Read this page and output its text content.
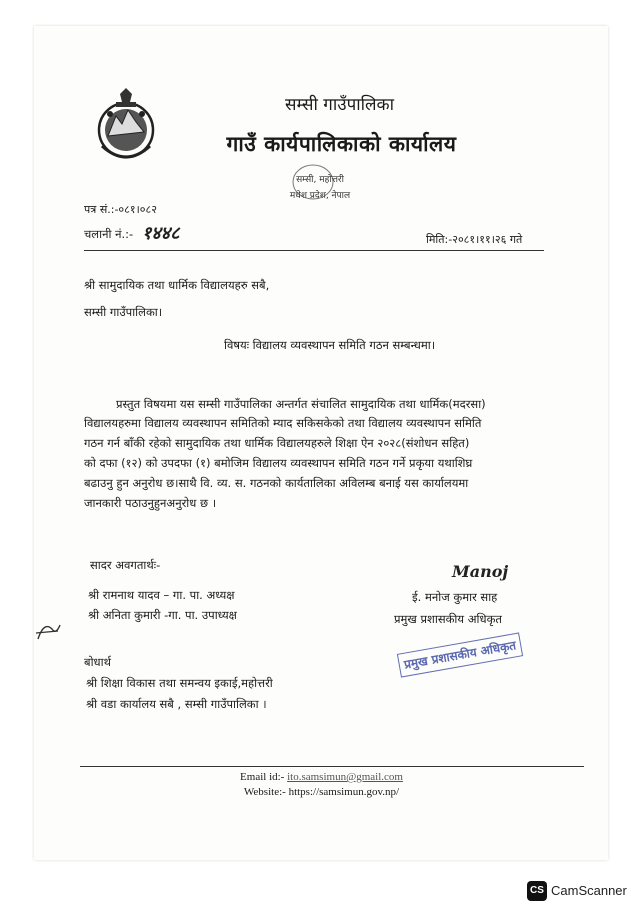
सम्सी गाउँपालिका
गाउँ कार्यपालिकाको कार्यालय
सम्सी, महोत्तरी
मधेश प्रदेश, नेपाल
पत्र सं.:-०८१।०८२
चलानी नं.:- १४४८	मिति:-२०८१।११।२६ गते
श्री सामुदायिक तथा धार्मिक विद्यालयहरु सबै,
सम्सी गाउँपालिका।
विषयः विद्यालय व्यवस्थापन समिति गठन सम्बन्धमा।
प्रस्तुत विषयमा यस सम्सी गाउँपालिका अन्तर्गत संचालित सामुदायिक तथा धार्मिक(मदरसा)
विद्यालयहरुमा विद्यालय व्यवस्थापन समितिको म्याद सकिसकेको तथा विद्यालय व्यवस्थापन समिति
गठन गर्न बाँकी रहेको सामुदायिक तथा धार्मिक विद्यालयहरुले शिक्षा ऐन २०२८(संशोधन सहित)
को दफा (१२) को उपदफा (१) बमोजिम विद्यालय व्यवस्थापन समिति गठन गर्ने प्रकृया यथाशिघ्र
बढाउनु हुन अनुरोध छ।साथै वि. व्य. स. गठनको कार्यतालिका अविलम्ब बनाई यस कार्यालयमा
जानकारी पठाउनुहुनअनुरोध छ ।
सादर अवगतार्थः-
श्री रामनाथ यादव – गा. पा. अध्यक्ष
श्री अनिता कुमारी -गा. पा. उपाध्यक्ष
Manoj
ई. मनोज कुमार साह
प्रमुख प्रशासकीय अधिकृत
प्रमुख प्रशासकीय अधिकृत
बोधार्थ
श्री शिक्षा विकास तथा समन्वय इकाई,महोत्तरी
श्री वडा कार्यालय सबै , सम्सी गाउँपालिका ।
Email id:- ito.samsimun@gmail.com
Website:- https://samsimun.gov.np/
CS CamScanner
